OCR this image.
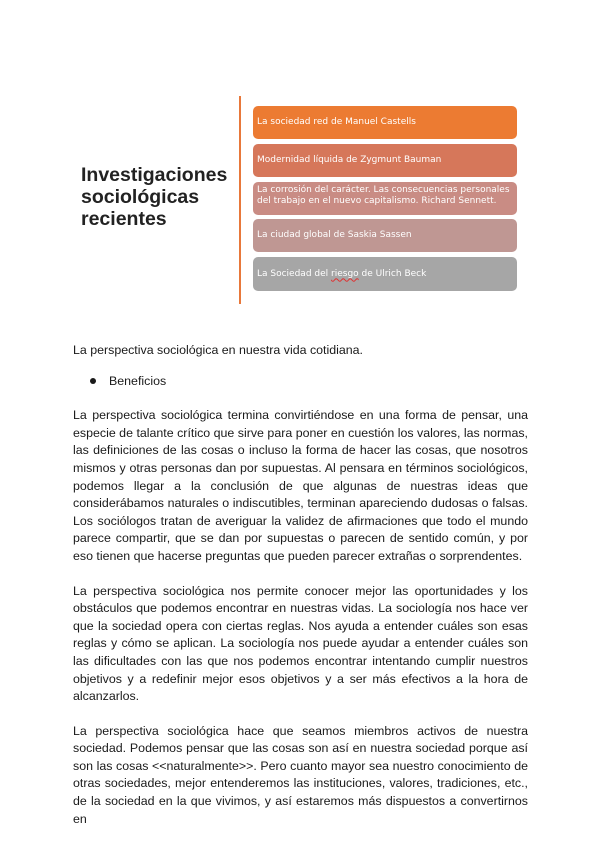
Investigaciones sociológicas recientes
La sociedad red de Manuel Castells
Modernidad líquida de Zygmunt Bauman
La corrosión del carácter. Las consecuencias personales del trabajo en el nuevo capitalismo. Richard Sennett.
La ciudad global de Saskia Sassen
La Sociedad del riesgo de Ulrich Beck

La perspectiva sociológica en nuestra vida cotidiana.

Beneficios

La perspectiva sociológica termina convirtiéndose en una forma de pensar, una especie de talante crítico que sirve para poner en cuestión los valores, las normas, las definiciones de las cosas o incluso la forma de hacer las cosas, que nosotros mismos y otras personas dan por supuestas. Al pensara en términos sociológicos, podemos llegar a la conclusión de que algunas de nuestras ideas que considerábamos naturales o indiscutibles, terminan apareciendo dudosas o falsas. Los sociólogos tratan de averiguar la validez de afirmaciones que todo el mundo parece compartir, que se dan por supuestas o parecen de sentido común, y por eso tienen que hacerse preguntas que pueden parecer extrañas o sorprendentes.

La perspectiva sociológica nos permite conocer mejor las oportunidades y los obstáculos que podemos encontrar en nuestras vidas. La sociología nos hace ver que la sociedad opera con ciertas reglas. Nos ayuda a entender cuáles son esas reglas y cómo se aplican. La sociología nos puede ayudar a entender cuáles son las dificultades con las que nos podemos encontrar intentando cumplir nuestros objetivos y a redefinir mejor esos objetivos y a ser más efectivos a la hora de alcanzarlos.

La perspectiva sociológica hace que seamos miembros activos de nuestra sociedad. Podemos pensar que las cosas son así en nuestra sociedad porque así son las cosas <<naturalmente>>. Pero cuanto mayor sea nuestro conocimiento de otras sociedades, mejor entenderemos las instituciones, valores, tradiciones, etc., de la sociedad en la que vivimos, y así estaremos más dispuestos a convertirnos en
